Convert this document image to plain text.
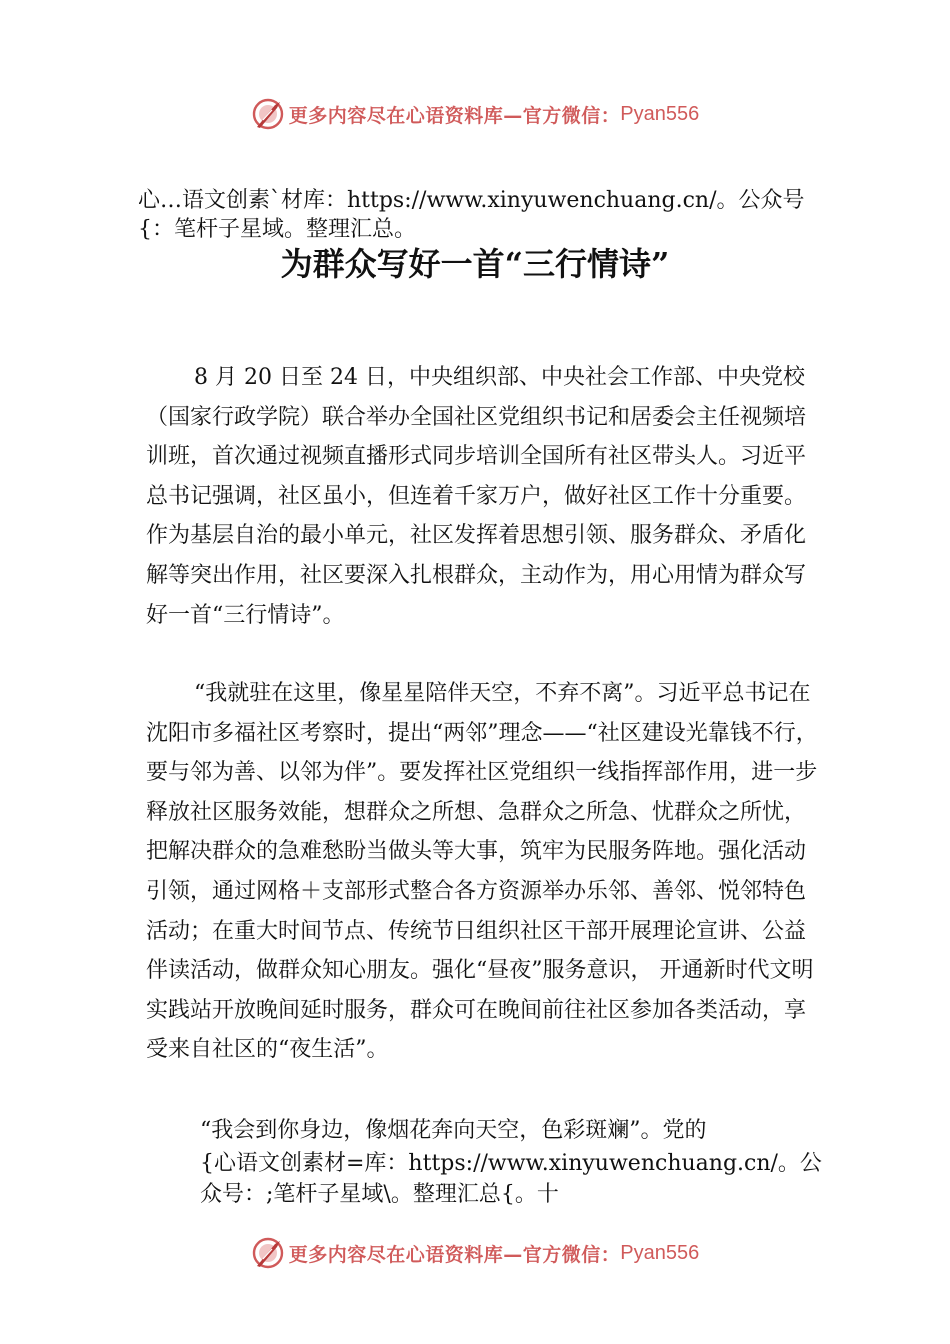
更多内容尽在心语资料库—官方微信： Pyan556
心…语文创素`材库：https://www.xinyuwenchuang.cn/。公众号{：笔杆子星域。整理汇总。
为群众写好一首“三行情诗”

8 月 20 日至 24 日，中央组织部、中央社会工作部、中央党校（国家行政学院）联合举办全国社区党组织书记和居委会主任视频培训班，首次通过视频直播形式同步培训全国所有社区带头人。习近平总书记强调，社区虽小，但连着千家万户，做好社区工作十分重要。作为基层自治的最小单元，社区发挥着思想引领、服务群众、矛盾化解等突出作用，社区要深入扎根群众，主动作为，用心用情为群众写好一首“三行情诗”。

“我就驻在这里，像星星陪伴天空，不弃不离”。习近平总书记在沈阳市多福社区考察时，提出“两邻”理念——“社区建设光靠钱不行，要与邻为善、以邻为伴”。要发挥社区党组织一线指挥部作用，进一步释放社区服务效能，想群众之所想、急群众之所急、忧群众之所忧，把解决群众的急难愁盼当做头等大事，筑牢为民服务阵地。强化活动引领，通过网格＋支部形式整合各方资源举办乐邻、善邻、悦邻特色活动；在重大时间节点、传统节日组织社区干部开展理论宣讲、公益伴读活动，做群众知心朋友。强化“昼夜”服务意识， 开通新时代文明实践站开放晚间延时服务，群众可在晚间前往社区参加各类活动，享受来自社区的“夜生活”。

“我会到你身边，像烟花奔向天空，色彩斑斓”。党的
{心语文创素材=库：https://www.xinyuwenchuang.cn/。公众号：;笔杆子星域\。整理汇总{。十
更多内容尽在心语资料库—官方微信： Pyan556
